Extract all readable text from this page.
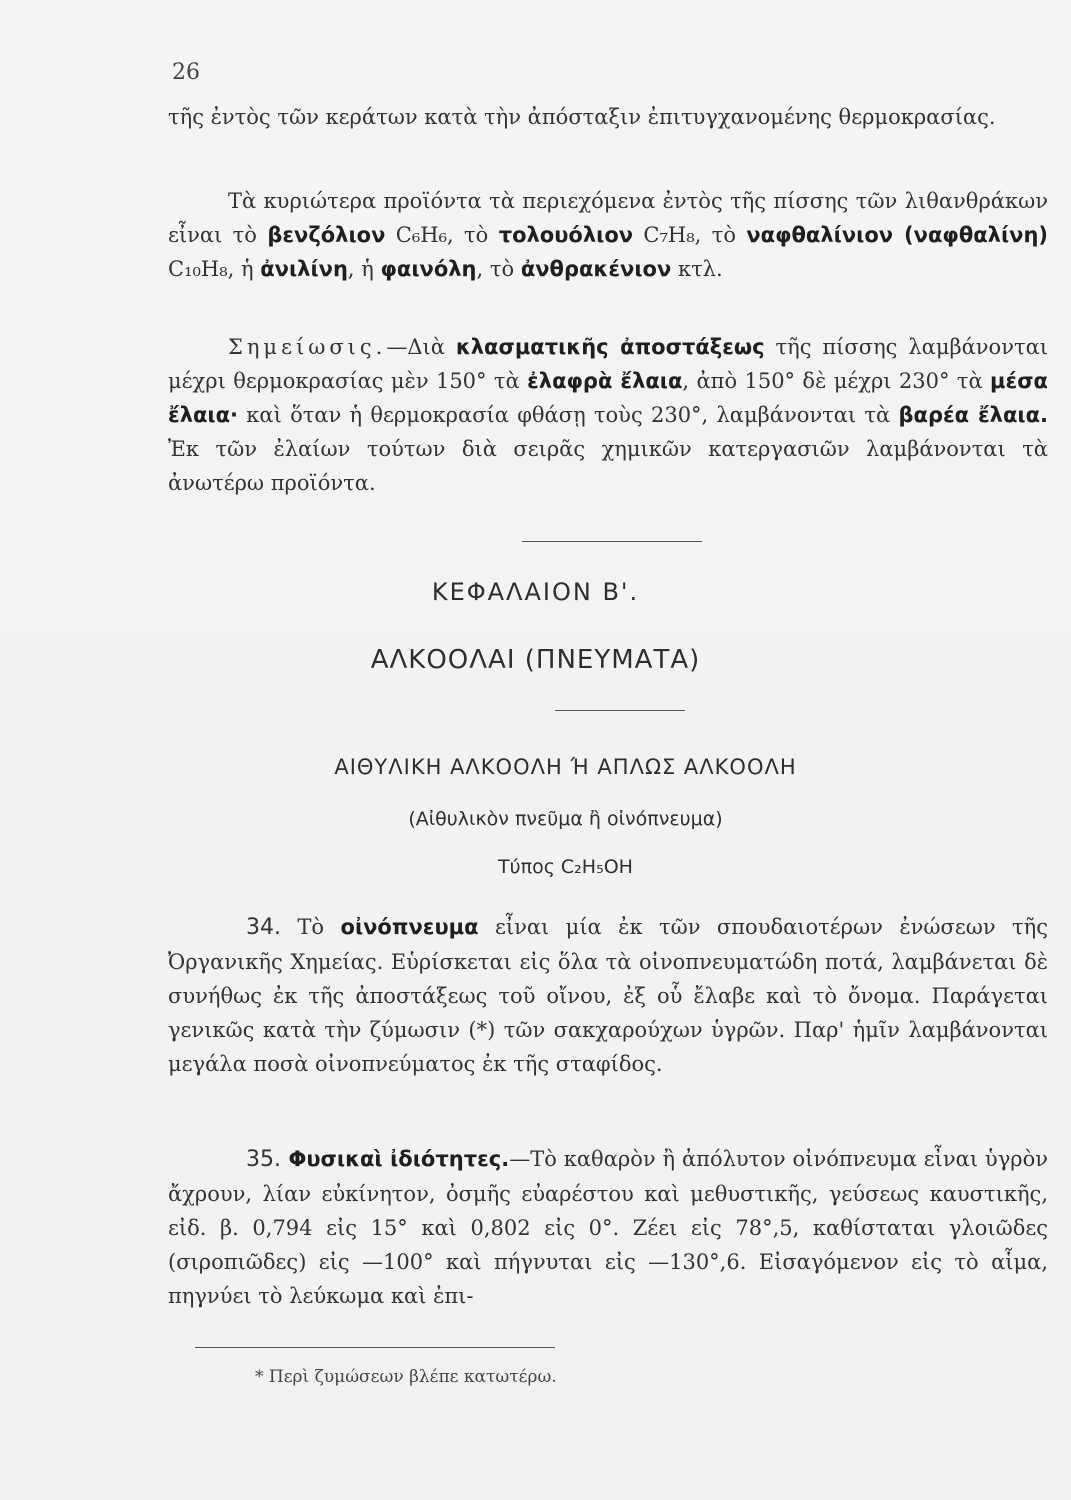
26

τῆς ἐντὸς τῶν κεράτων κατὰ τὴν ἀπόσταξιν ἐπιτυγχανομένης θερμοκρασίας.

Τὰ κυριώτερα προϊόντα τὰ περιεχόμενα ἐντὸς τῆς πίσσης τῶν λιθανθράκων εἶναι τὸ βενζόλιον C₆H₆, τὸ τολουόλιον C₇H₈, τὸ ναφθαλίνιον (ναφθαλίνη) C₁₀H₈, ἡ ἀνιλίνη, ἡ φαινόλη, τὸ ἀνθρακένιον κτλ.

Σημείωσις.—Διὰ κλασματικῆς ἀποστάξεως τῆς πίσσης λαμβάνονται μέχρι θερμοκρασίας μὲν 150° τὰ ἐλαφρὰ ἔλαια, ἀπὸ 150° δὲ μέχρι 230° τὰ μέσα ἔλαια· καὶ ὅταν ἡ θερμοκρασία φθάσῃ τοὺς 230°, λαμβάνονται τὰ βαρέα ἔλαια. Ἐκ τῶν ἐλαίων τούτων διὰ σειρᾶς χημικῶν κατεργασιῶν λαμβάνονται τὰ ἀνωτέρω προϊόντα.

ΚΕΦΑΛΑΙΟΝ Β'.
ΑΛΚΟΟΛΑΙ (ΠΝΕΥΜΑΤΑ)
ΑΙΘΥΛΙΚΗ ΑΛΚΟΟΛΗ Ή ΑΠΛΩΣ ΑΛΚΟΟΛΗ
(Αἰθυλικὸν πνεῦμα ἢ οἰνόπνευμα)
Τύπος C₂H₅OH

34. Τὸ οἰνόπνευμα εἶναι μία ἐκ τῶν σπουδαιοτέρων ἐνώσεων τῆς Ὀργανικῆς Χημείας. Εὑρίσκεται εἰς ὅλα τὰ οἰνοπνευματώδη ποτά, λαμβάνεται δὲ συνήθως ἐκ τῆς ἀποστάξεως τοῦ οἴνου, ἐξ οὗ ἔλαβε καὶ τὸ ὄνομα. Παράγεται γενικῶς κατὰ τὴν ζύμωσιν (*) τῶν σακχαρούχων ὑγρῶν. Παρ' ἡμῖν λαμβάνονται μεγάλα ποσὰ οἰνοπνεύματος ἐκ τῆς σταφίδος.

35. Φυσικαὶ ἰδιότητες.—Τὸ καθαρὸν ἢ ἀπόλυτον οἰνόπνευμα εἶναι ὑγρὸν ἄχρουν, λίαν εὐκίνητον, ὀσμῆς εὐαρέστου καὶ μεθυστικῆς, γεύσεως καυστικῆς, εἰδ. β. 0,794 εἰς 15° καὶ 0,802 εἰς 0°. Ζέει εἰς 78°,5, καθίσταται γλοιῶδες (σιροπιῶδες) εἰς —100° καὶ πήγνυται εἰς —130°,6. Εἰσαγόμενον εἰς τὸ αἷμα, πηγνύει τὸ λεύκωμα καὶ ἐπι-

* Περὶ ζυμώσεων βλέπε κατωτέρω.
